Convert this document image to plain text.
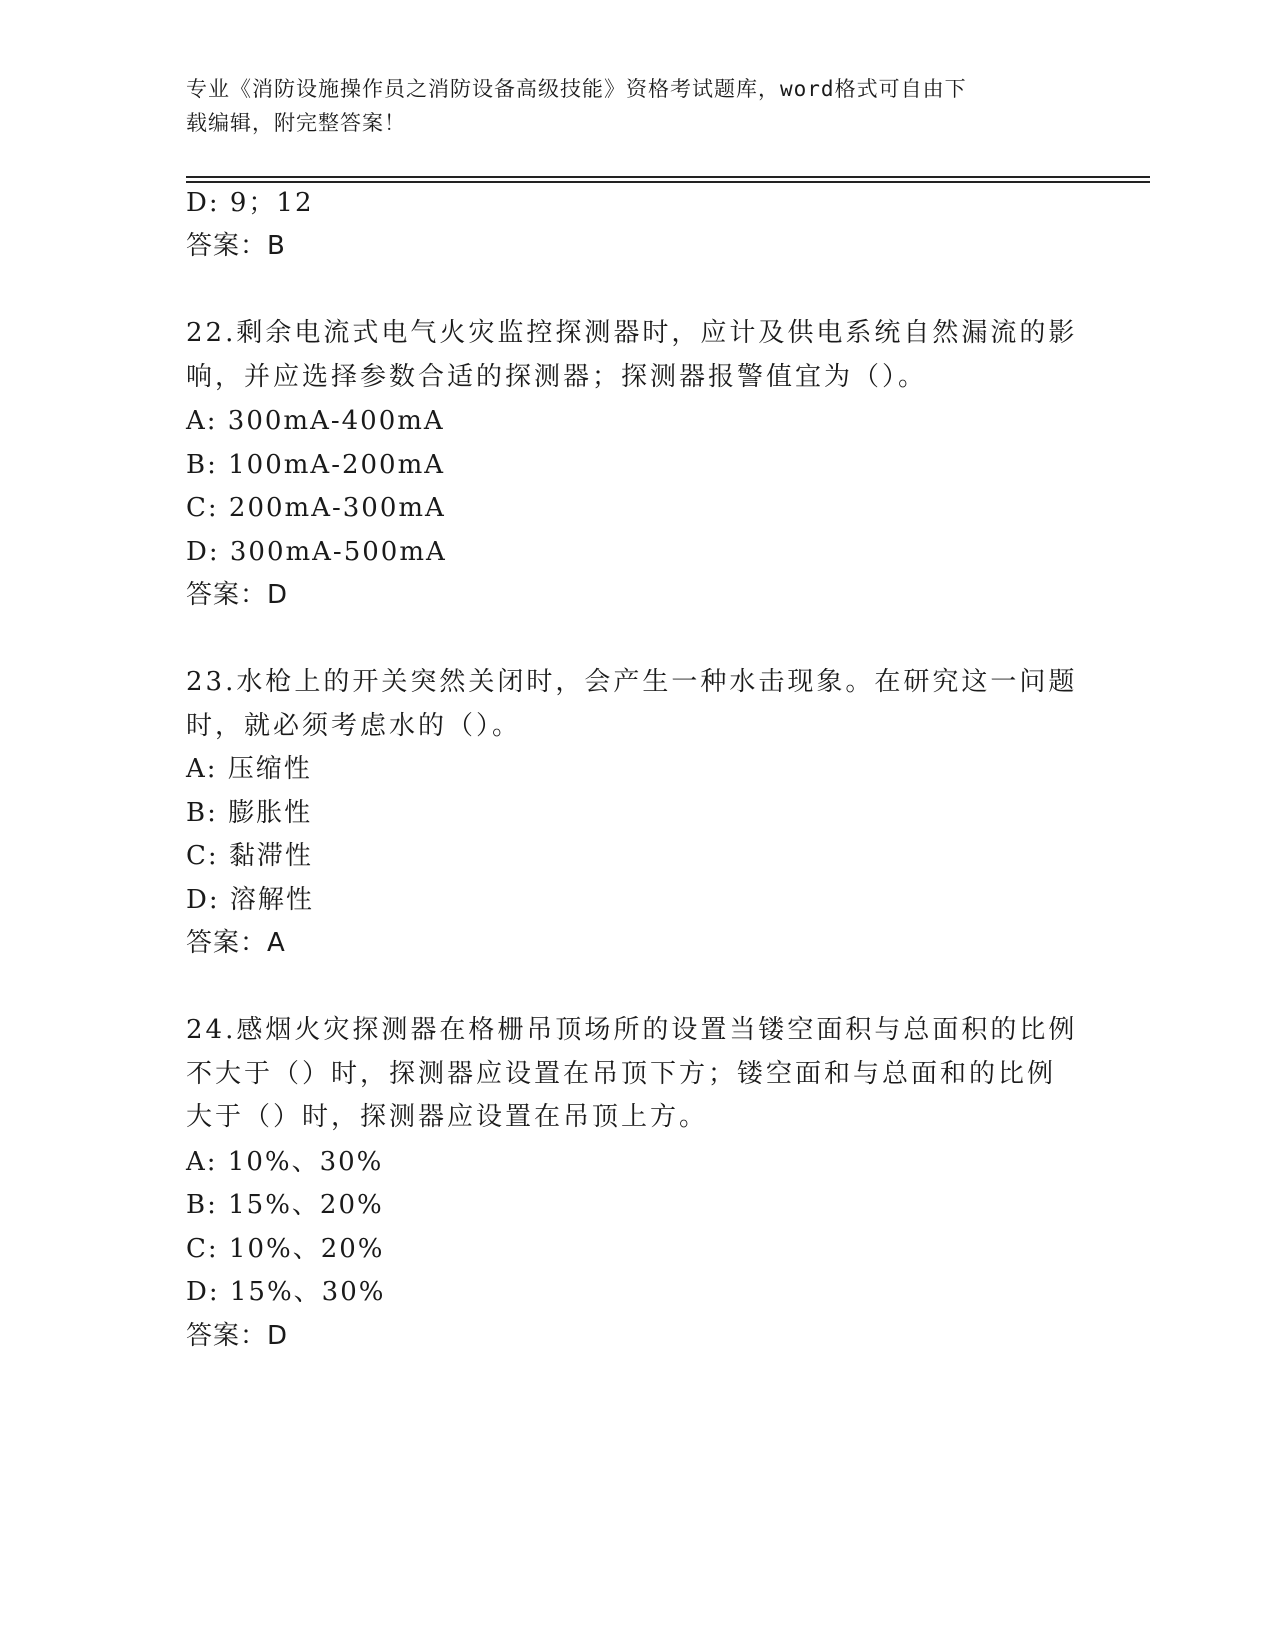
专业《消防设施操作员之消防设备高级技能》资格考试题库，word格式可自由下
载编辑，附完整答案！
D: 9；12
答案：B
22.剩余电流式电气火灾监控探测器时，应计及供电系统自然漏流的影
响，并应选择参数合适的探测器；探测器报警值宜为（）。
A: 300mA-400mA
B: 100mA-200mA
C: 200mA-300mA
D: 300mA-500mA
答案：D
23.水枪上的开关突然关闭时，会产生一种水击现象。在研究这一问题
时，就必须考虑水的（）。
A: 压缩性
B: 膨胀性
C: 黏滞性
D: 溶解性
答案：A
24.感烟火灾探测器在格栅吊顶场所的设置当镂空面积与总面积的比例
不大于（）时，探测器应设置在吊顶下方；镂空面和与总面和的比例
大于（）时，探测器应设置在吊顶上方。
A: 10%、30%
B: 15%、20%
C: 10%、20%
D: 15%、30%
答案：D
